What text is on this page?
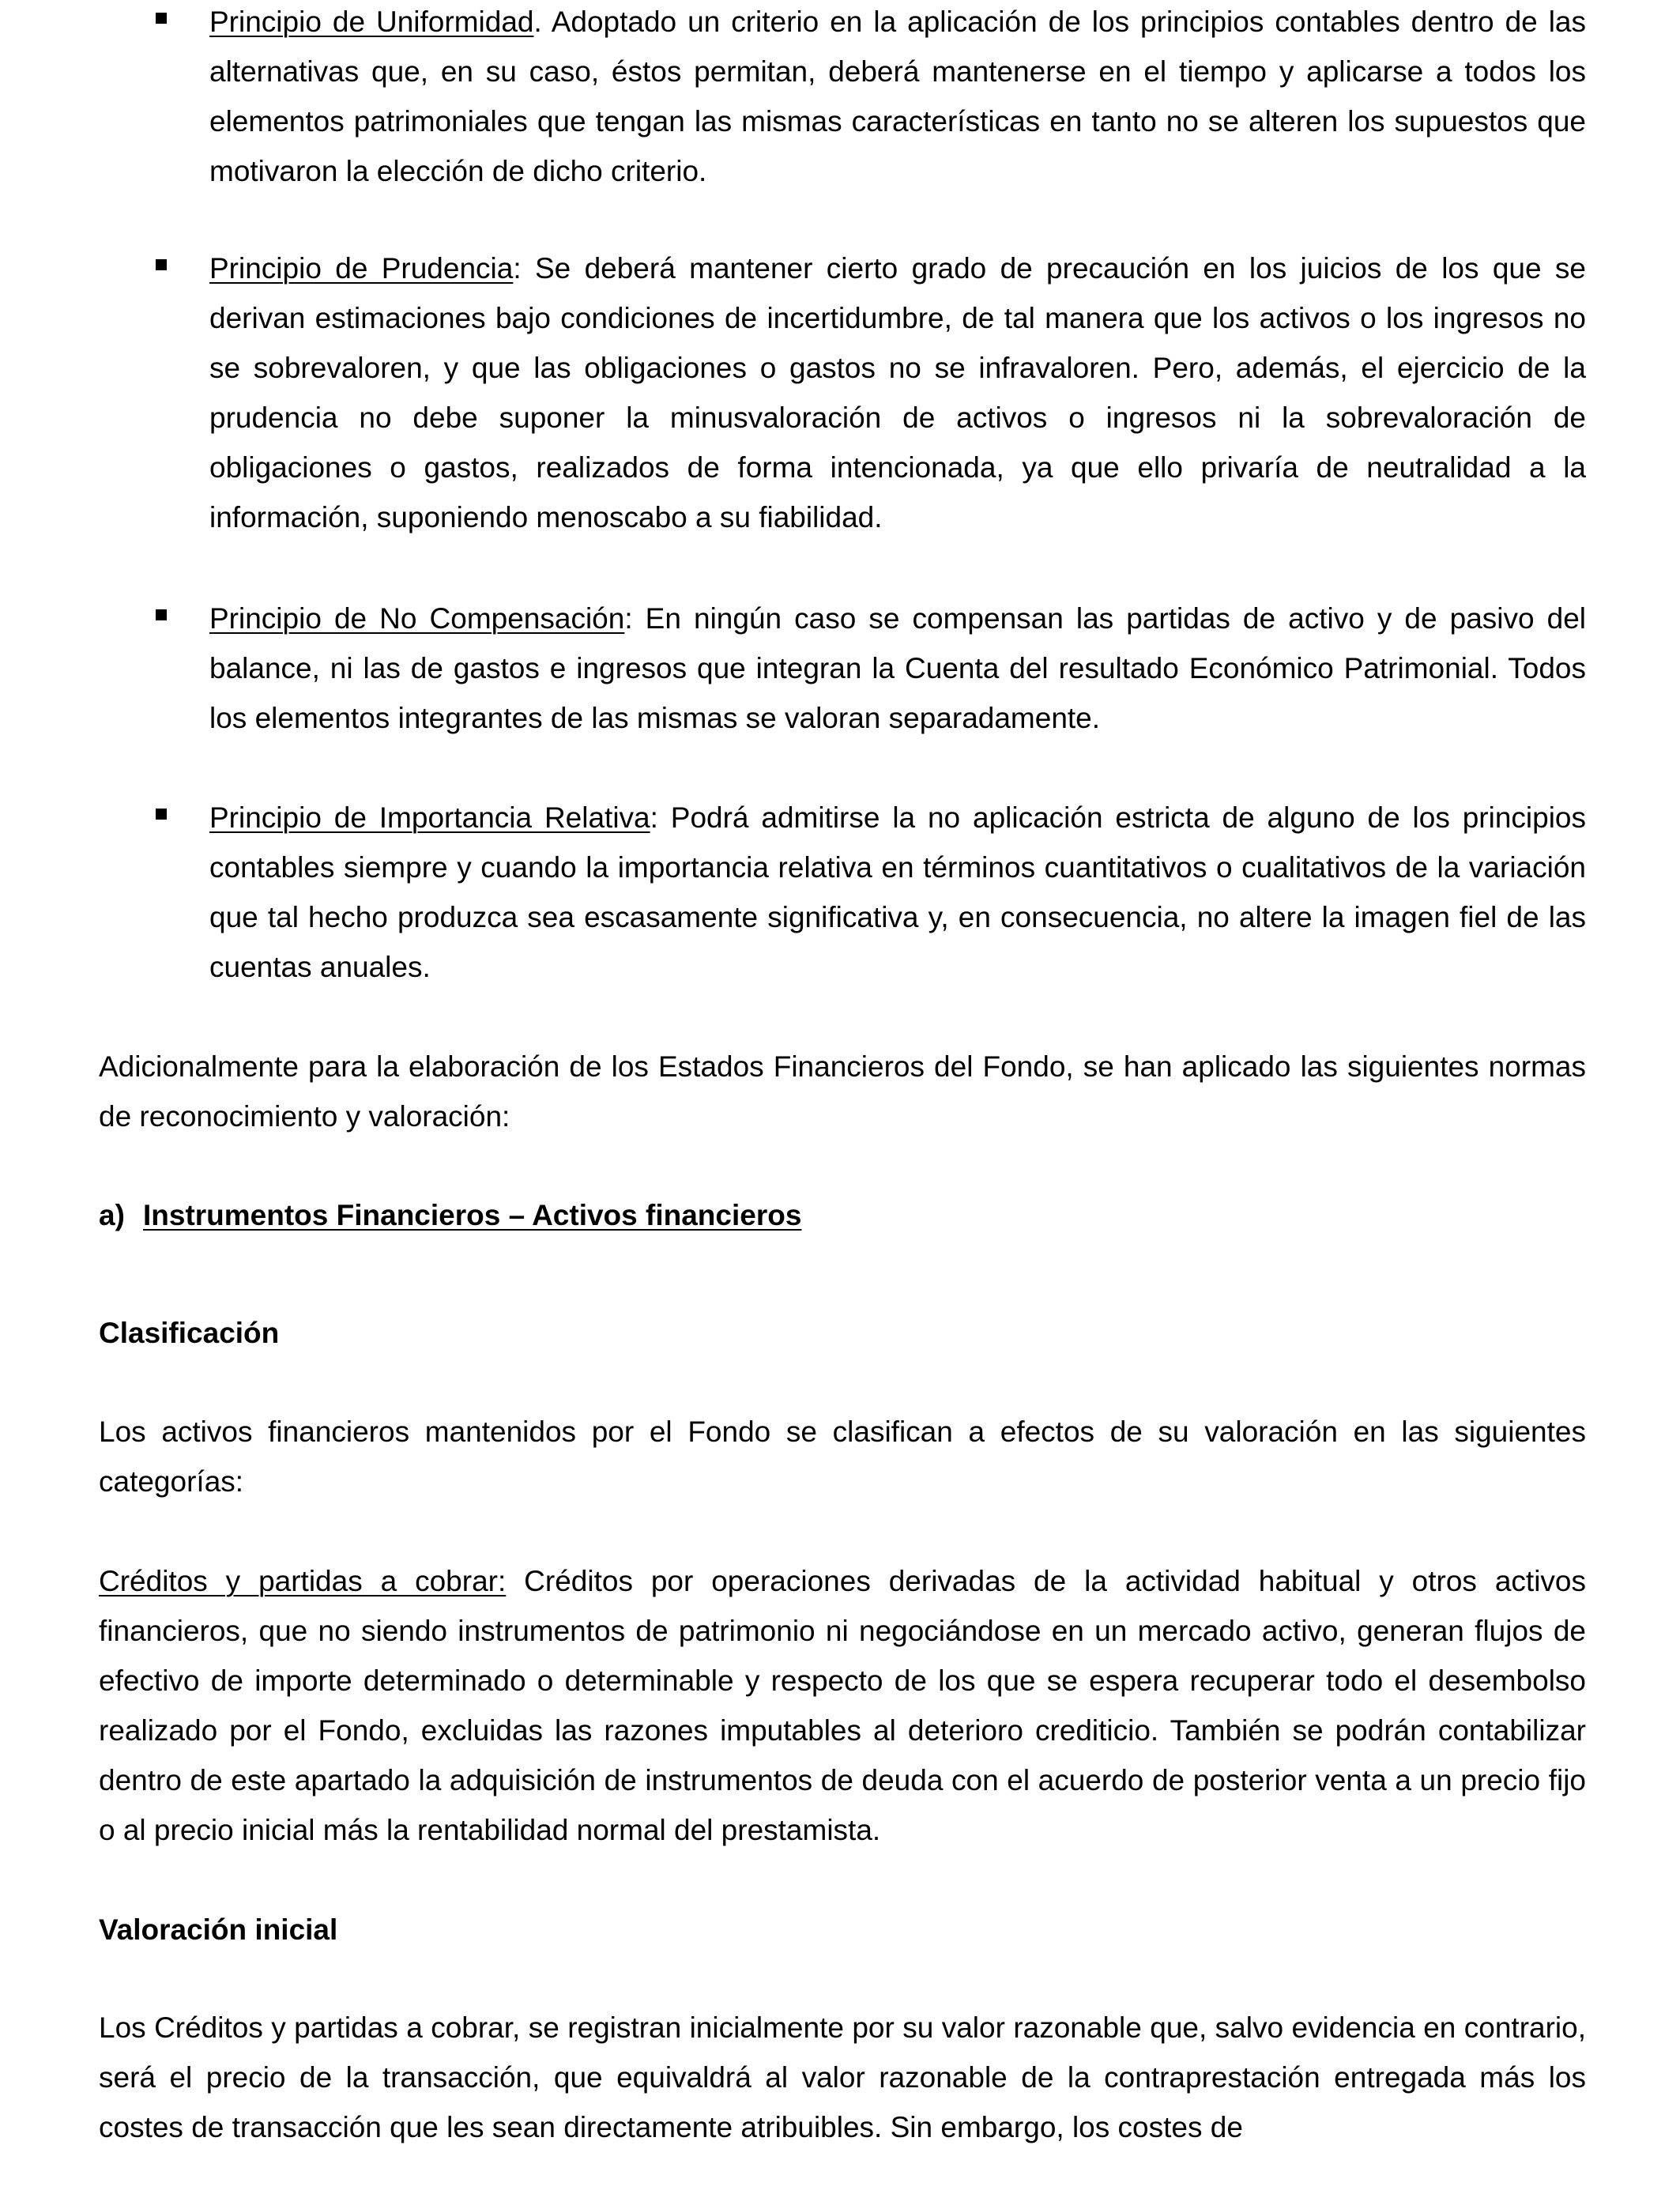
Principio de Uniformidad. Adoptado un criterio en la aplicación de los principios contables dentro de las alternativas que, en su caso, éstos permitan, deberá mantenerse en el tiempo y aplicarse a todos los elementos patrimoniales que tengan las mismas características en tanto no se alteren los supuestos que motivaron la elección de dicho criterio.
Principio de Prudencia: Se deberá mantener cierto grado de precaución en los juicios de los que se derivan estimaciones bajo condiciones de incertidumbre, de tal manera que los activos o los ingresos no se sobrevaloren, y que las obligaciones o gastos no se infravaloren. Pero, además, el ejercicio de la prudencia no debe suponer la minusvaloración de activos o ingresos ni la sobrevaloración de obligaciones o gastos, realizados de forma intencionada, ya que ello privaría de neutralidad a la información, suponiendo menoscabo a su fiabilidad.
Principio de No Compensación: En ningún caso se compensan las partidas de activo y de pasivo del balance, ni las de gastos e ingresos que integran la Cuenta del resultado Económico Patrimonial. Todos los elementos integrantes de las mismas se valoran separadamente.
Principio de Importancia Relativa: Podrá admitirse la no aplicación estricta de alguno de los principios contables siempre y cuando la importancia relativa en términos cuantitativos o cualitativos de la variación que tal hecho produzca sea escasamente significativa y, en consecuencia, no altere la imagen fiel de las cuentas anuales.
Adicionalmente para la elaboración de los Estados Financieros del Fondo, se han aplicado las siguientes normas de reconocimiento y valoración:
a) Instrumentos Financieros – Activos financieros
Clasificación
Los activos financieros mantenidos por el Fondo se clasifican a efectos de su valoración en las siguientes categorías:
Créditos y partidas a cobrar: Créditos por operaciones derivadas de la actividad habitual y otros activos financieros, que no siendo instrumentos de patrimonio ni negociándose en un mercado activo, generan flujos de efectivo de importe determinado o determinable y respecto de los que se espera recuperar todo el desembolso realizado por el Fondo, excluidas las razones imputables al deterioro crediticio. También se podrán contabilizar dentro de este apartado la adquisición de instrumentos de deuda con el acuerdo de posterior venta a un precio fijo o al precio inicial más la rentabilidad normal del prestamista.
Valoración inicial
Los Créditos y partidas a cobrar, se registran inicialmente por su valor razonable que, salvo evidencia en contrario, será el precio de la transacción, que equivaldrá al valor razonable de la contraprestación entregada más los costes de transacción que les sean directamente atribuibles. Sin embargo, los costes de
